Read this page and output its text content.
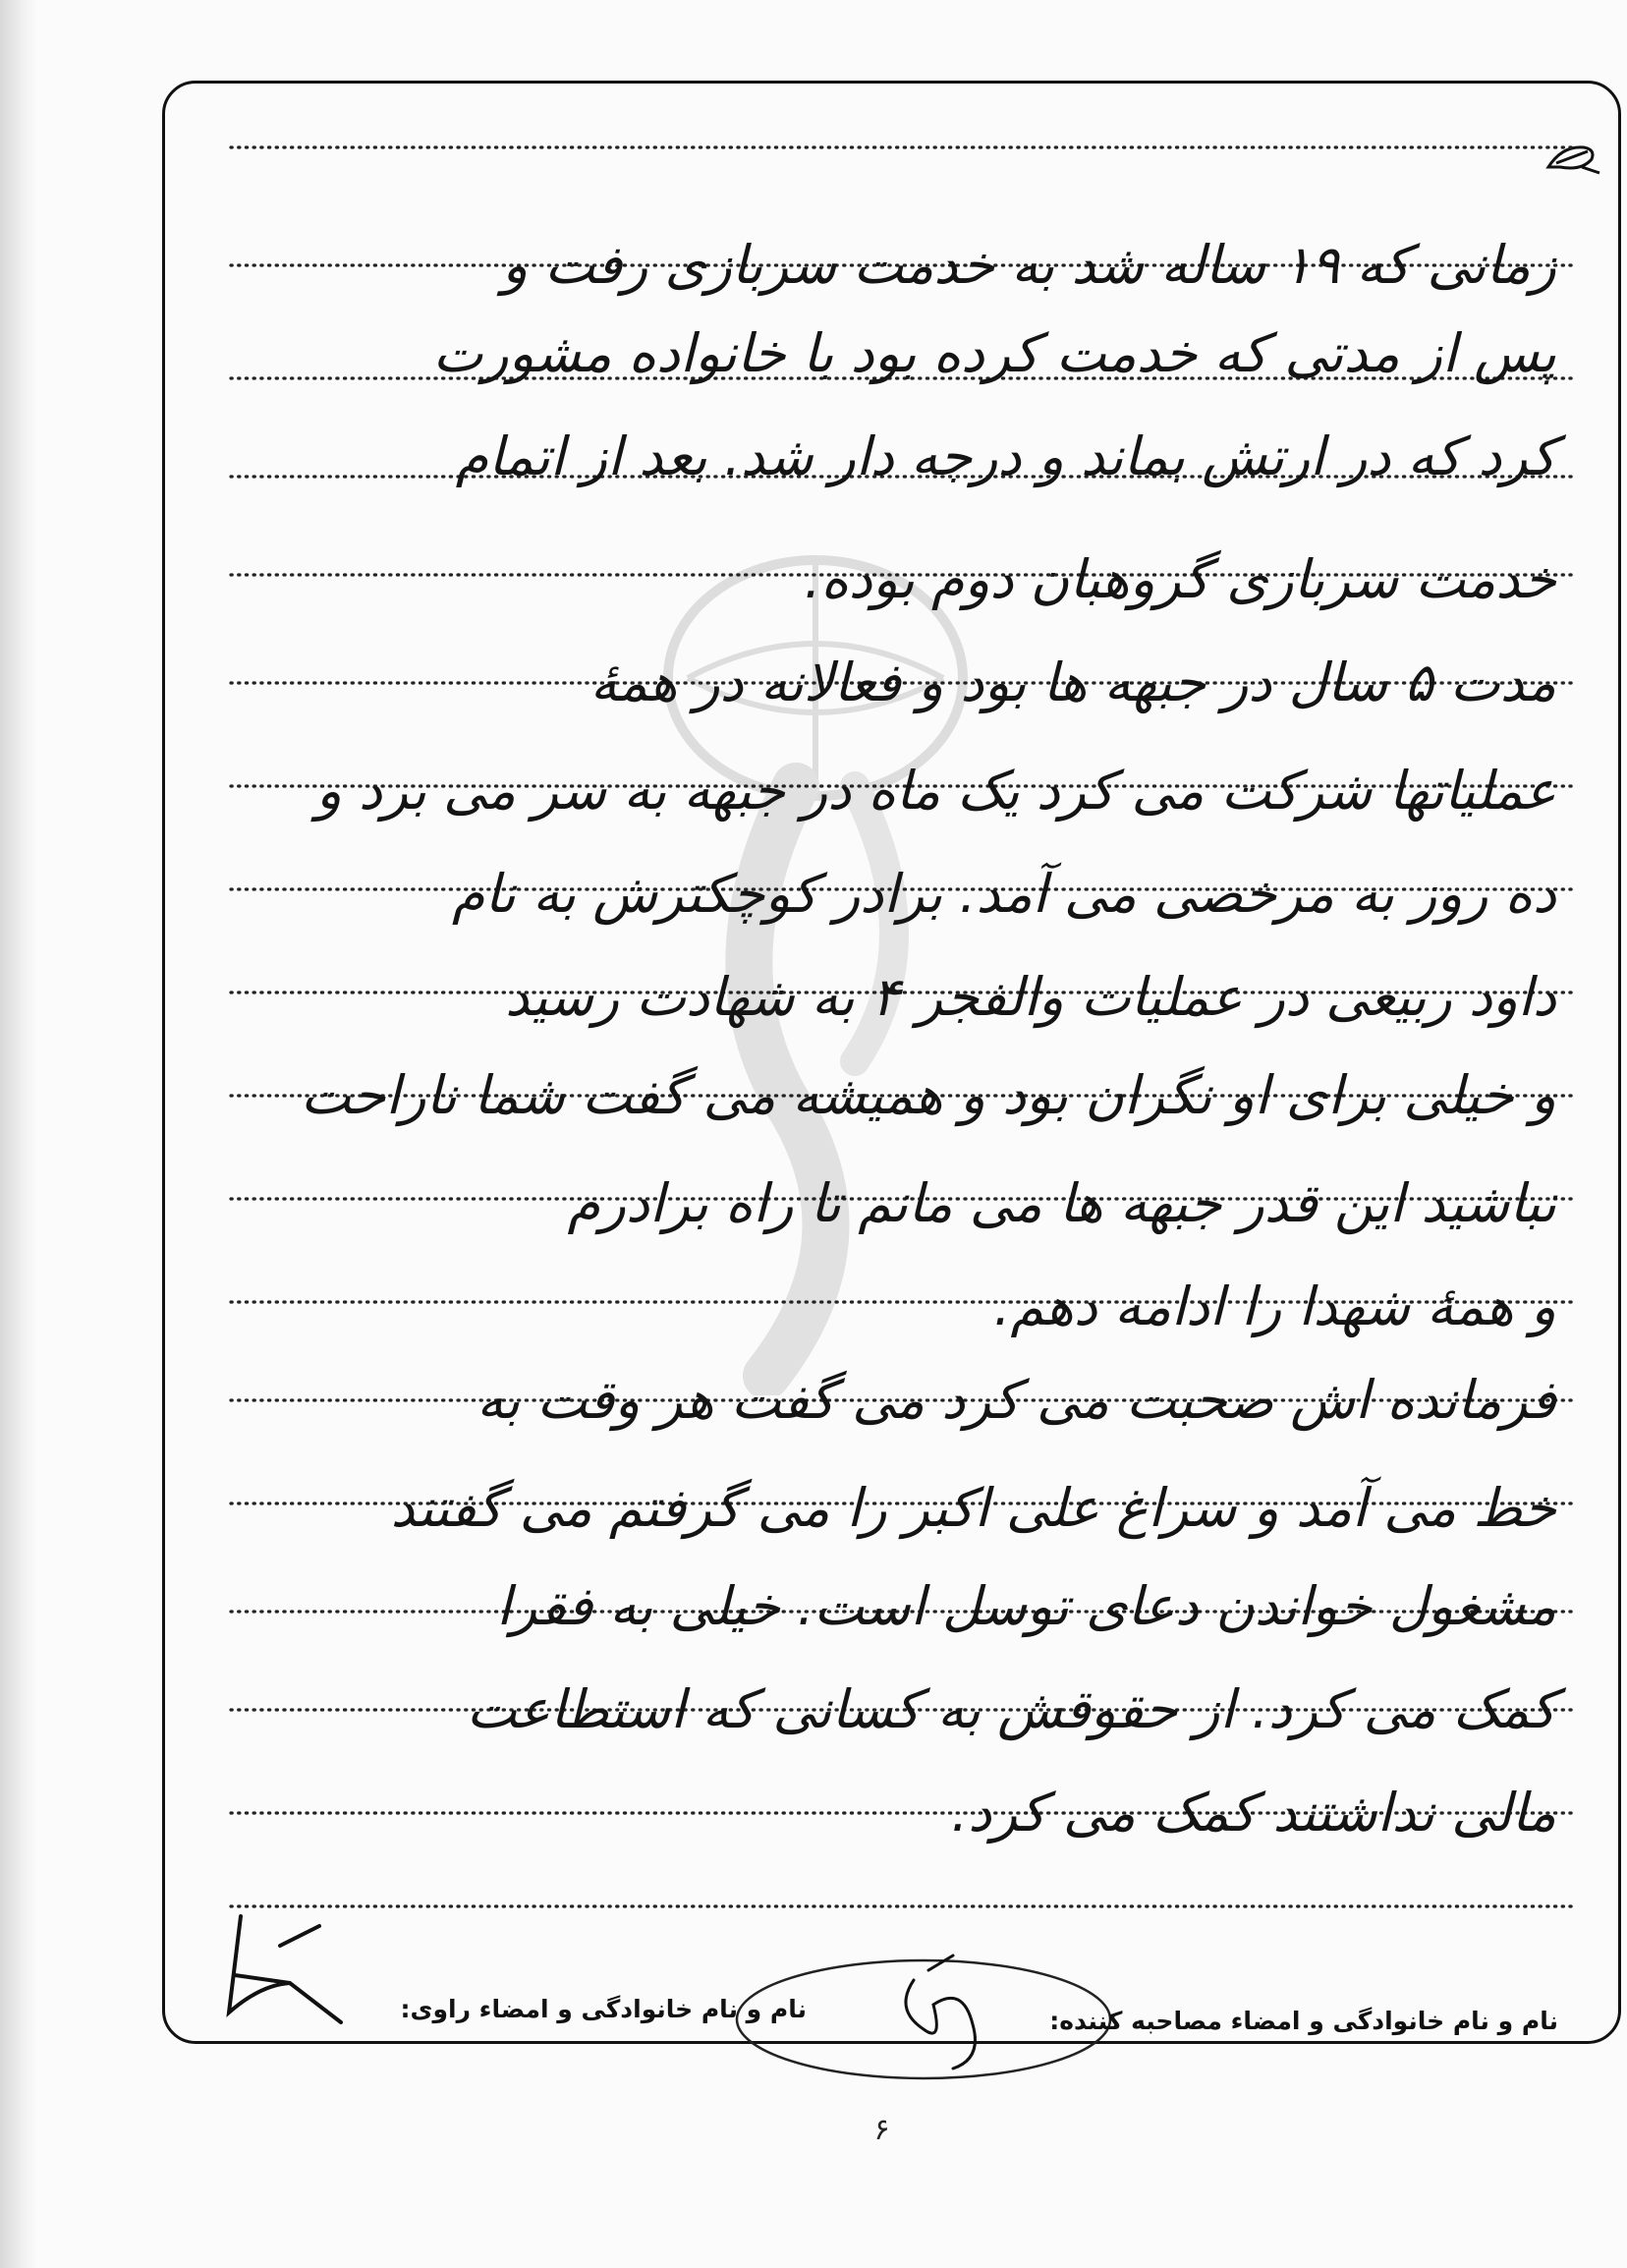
زمانی که ۱۹ ساله شد به خدمت سربازی رفت و
پس از مدتی که خدمت کرده بود با خانواده مشورت
کرد که در ارتش بماند و درجه دار شد. بعد از اتمام
خدمت سربازی گروهبان دوم بوده.
مدت ۵ سال در جبهه ها بود و فعالانه در همهٔ
عملیاتها شرکت می کرد یک ماه در جبهه به سر می برد و
ده روز به مرخصی می آمد. برادر کوچکترش به نام
داود ربیعی در عملیات والفجر ۴ به شهادت رسید
و خیلی برای او نگران بود و همیشه می گفت شما ناراحت
نباشید این قدر جبهه ها می مانم تا راه برادرم
و همهٔ شهدا را ادامه دهم.
فرمانده اش صحبت می کرد می گفت هر وقت به
خط می آمد و سراغ علی اکبر را می گرفتم می گفتند
مشغول خواندن دعای توسل است. خیلی به فقرا
کمک می کرد. از حقوقش به کسانی که استطاعت
مالی نداشتند کمک می کرد.
نام و نام خانوادگی و امضاء راوی:	نام و نام خانوادگی و امضاء مصاحبه کننده:
۶
